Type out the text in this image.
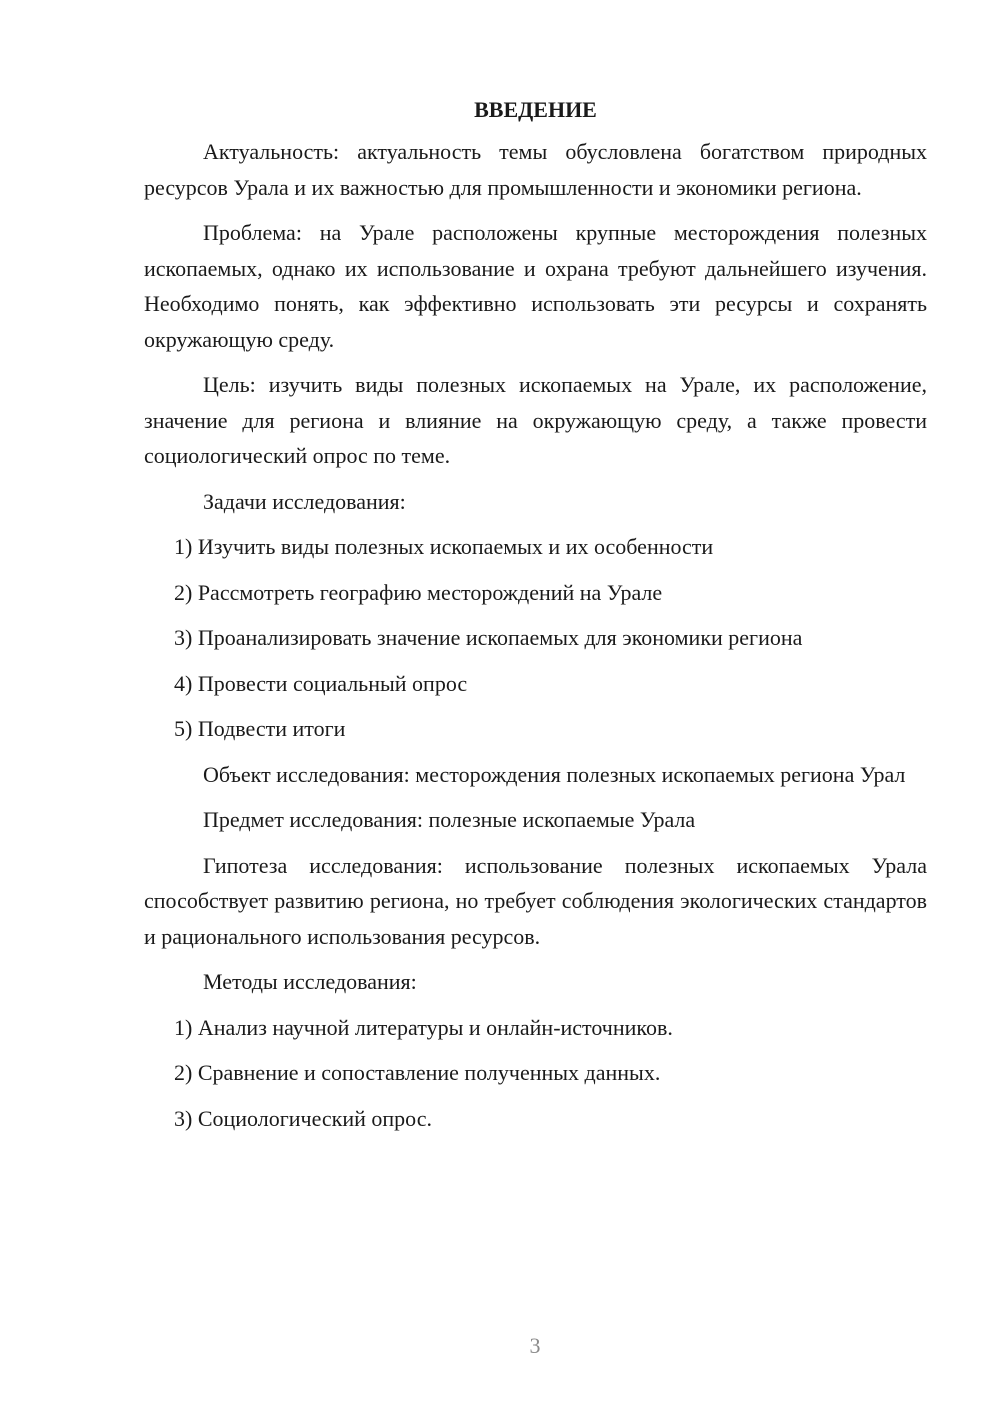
ВВЕДЕНИЕ

Актуальность: актуальность темы обусловлена богатством природных ресурсов Урала и их важностью для промышленности и экономики региона.

Проблема: на Урале расположены крупные месторождения полезных ископаемых, однако их использование и охрана требуют дальнейшего изучения. Необходимо понять, как эффективно использовать эти ресурсы и сохранять окружающую среду.

Цель: изучить виды полезных ископаемых на Урале, их расположение, значение для региона и влияние на окружающую среду, а также провести социологический опрос по теме.

Задачи исследования:

1) Изучить виды полезных ископаемых и их особенности
2) Рассмотреть географию месторождений на Урале
3) Проанализировать значение ископаемых для экономики региона
4) Провести социальный опрос
5) Подвести итоги

Объект исследования: месторождения полезных ископаемых региона Урал

Предмет исследования: полезные ископаемые Урала

Гипотеза исследования: использование полезных ископаемых Урала способствует развитию региона, но требует соблюдения экологических стандартов и рационального использования ресурсов.

Методы исследования:

1) Анализ научной литературы и онлайн-источников.
2) Сравнение и сопоставление полученных данных.
3) Социологический опрос.
3
